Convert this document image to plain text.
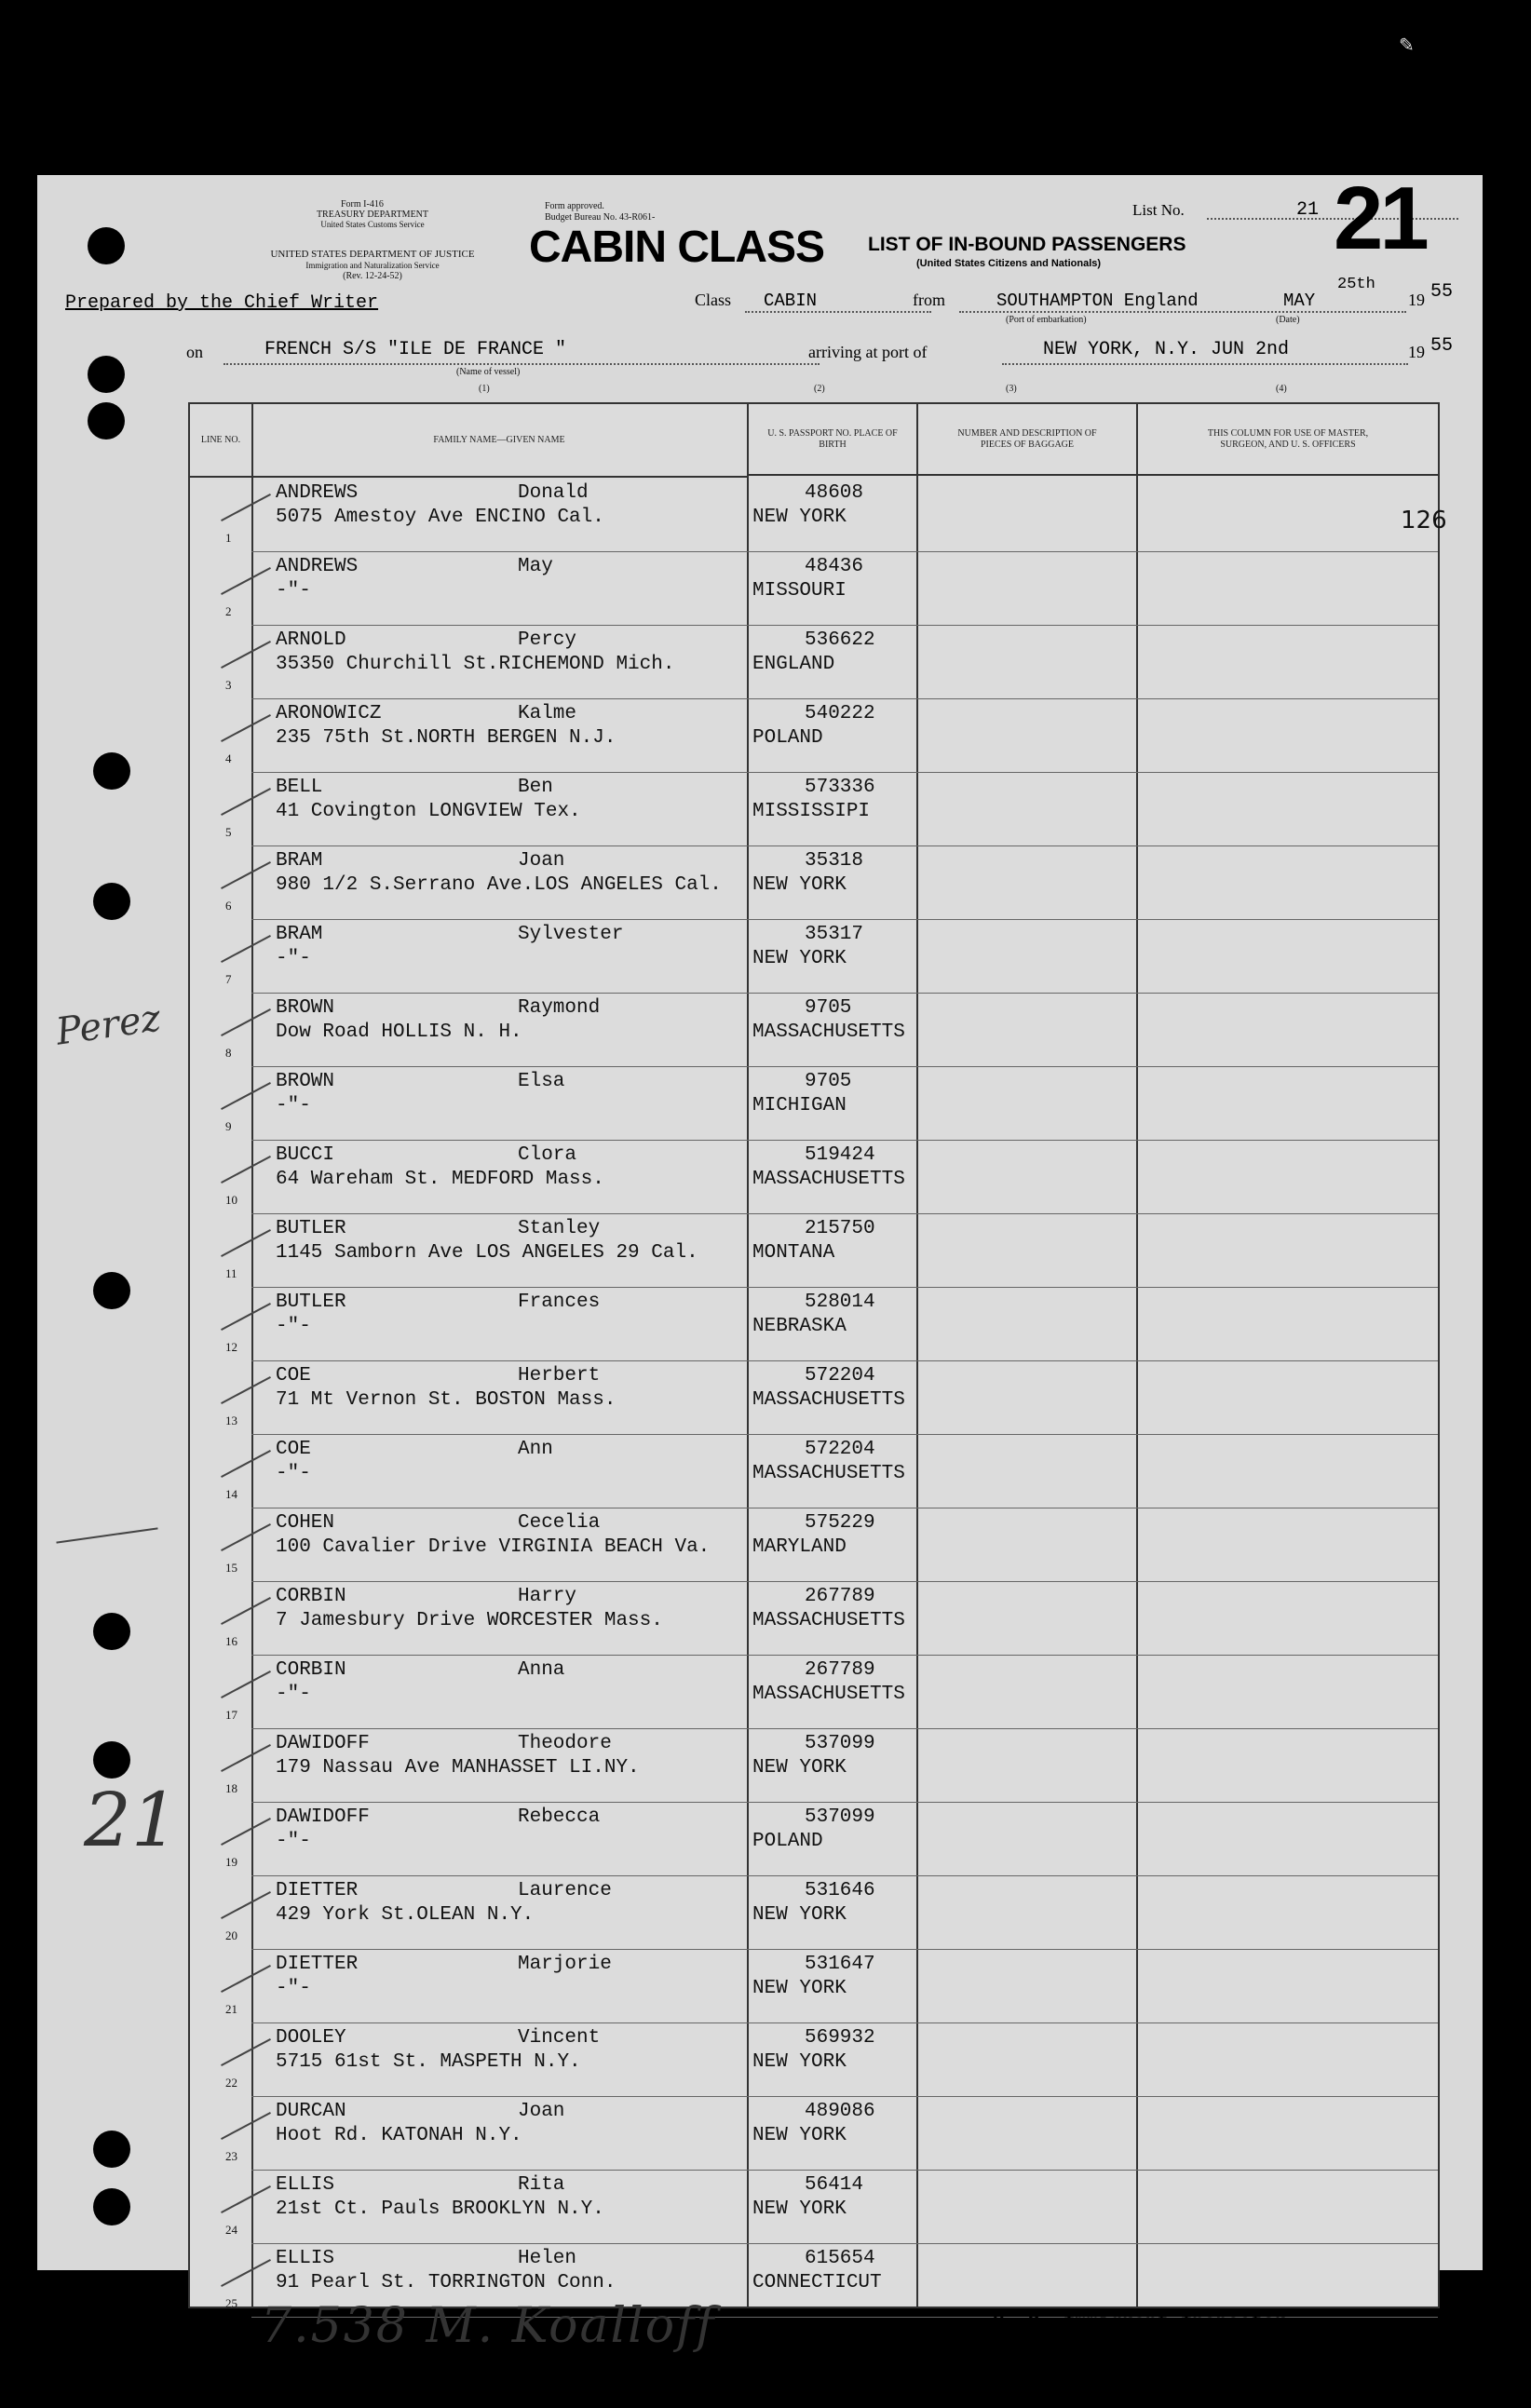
Form I-416
TREASURY DEPARTMENT
United States Customs Service
UNITED STATES DEPARTMENT OF JUSTICE
Immigration and Naturalization Service
(Rev. 12-24-52)
Form approved.
Budget Bureau No. 43-R061-
CABIN CLASS LIST OF IN-BOUND PASSENGERS
(United States Citizens and Nationals)
List No.	21 21
Prepared by the Chief Writer	Class CABIN	from	SOUTHAMPTON England	MAY
25th
19 55
(Port of embarkation)	(Date)
on	FRENCH S/S "ILE DE FRANCE "
(Name of vessel)
arriving at port of	NEW YORK, N.Y. JUN 2nd	19 55
(1)	(2)	(3)	(4)
LINE NO.	FAMILY NAME—GIVEN NAME
U. S. PASSPORT NO. PLACE OF BIRTH
NUMBER AND DESCRIPTION OF PIECES OF BAGGAGE
THIS COLUMN FOR USE OF MASTER, SURGEON, AND U. S. OFFICERS
1
ANDREWS	Donald
5075 Amestoy Ave ENCINO Cal.
48608
NEW YORK	126
2
ANDREWS	May
-"-
48436
MISSOURI
3
ARNOLD	Percy
35350 Churchill St.RICHEMOND Mich.
536622
ENGLAND
4
ARONOWICZ	Kalme
235 75th St.NORTH BERGEN N.J.
540222
POLAND
5
BELL	Ben
41 Covington LONGVIEW Tex.
573336
MISSISSIPI
6
BRAM	Joan
980 1/2 S.Serrano Ave.LOS ANGELES Cal.
35318
NEW YORK
7
BRAM	Sylvester
-"-
35317
NEW YORK
8
BROWN	Raymond
Dow Road HOLLIS N. H.
9705
MASSACHUSETTS
9
BROWN	Elsa
-"-
9705
MICHIGAN
10
BUCCI	Clora
64 Wareham St. MEDFORD Mass.
519424
MASSACHUSETTS
11
BUTLER	Stanley
1145 Samborn Ave LOS ANGELES 29 Cal.
215750
MONTANA
12
BUTLER	Frances
-"-
528014
NEBRASKA
13
COE	Herbert
71 Mt Vernon St. BOSTON Mass.
572204
MASSACHUSETTS
14
COE	Ann
-"-
572204
MASSACHUSETTS
15
COHEN	Cecelia
100 Cavalier Drive VIRGINIA BEACH Va.
575229
MARYLAND
16
CORBIN	Harry
7 Jamesbury Drive WORCESTER Mass.
267789
MASSACHUSETTS
17
CORBIN	Anna
-"-
267789
MASSACHUSETTS
18
DAWIDOFF	Theodore
179 Nassau Ave MANHASSET LI.NY.
537099
NEW YORK
19
DAWIDOFF	Rebecca
-"-
537099
POLAND
20
DIETTER	Laurence
429 York St.OLEAN N.Y.
531646
NEW YORK
21
DIETTER	Marjorie
-"-
531647
NEW YORK
22
DOOLEY	Vincent
5715 61st St. MASPETH N.Y.
569932
NEW YORK
23
DURCAN	Joan
Hoot Rd. KATONAH N.Y.
489086
NEW YORK
24
ELLIS	Rita
21st Ct. Pauls BROOKLYN N.Y.
56414
NEW YORK
25
ELLIS	Helen
91 Pearl St. TORRINGTON Conn.
615654
CONNECTICUT
Perez
21
7.538 M. Koalloff	U. S. Immigrant Inspector	Printed
York 14, N. Y.
✎
